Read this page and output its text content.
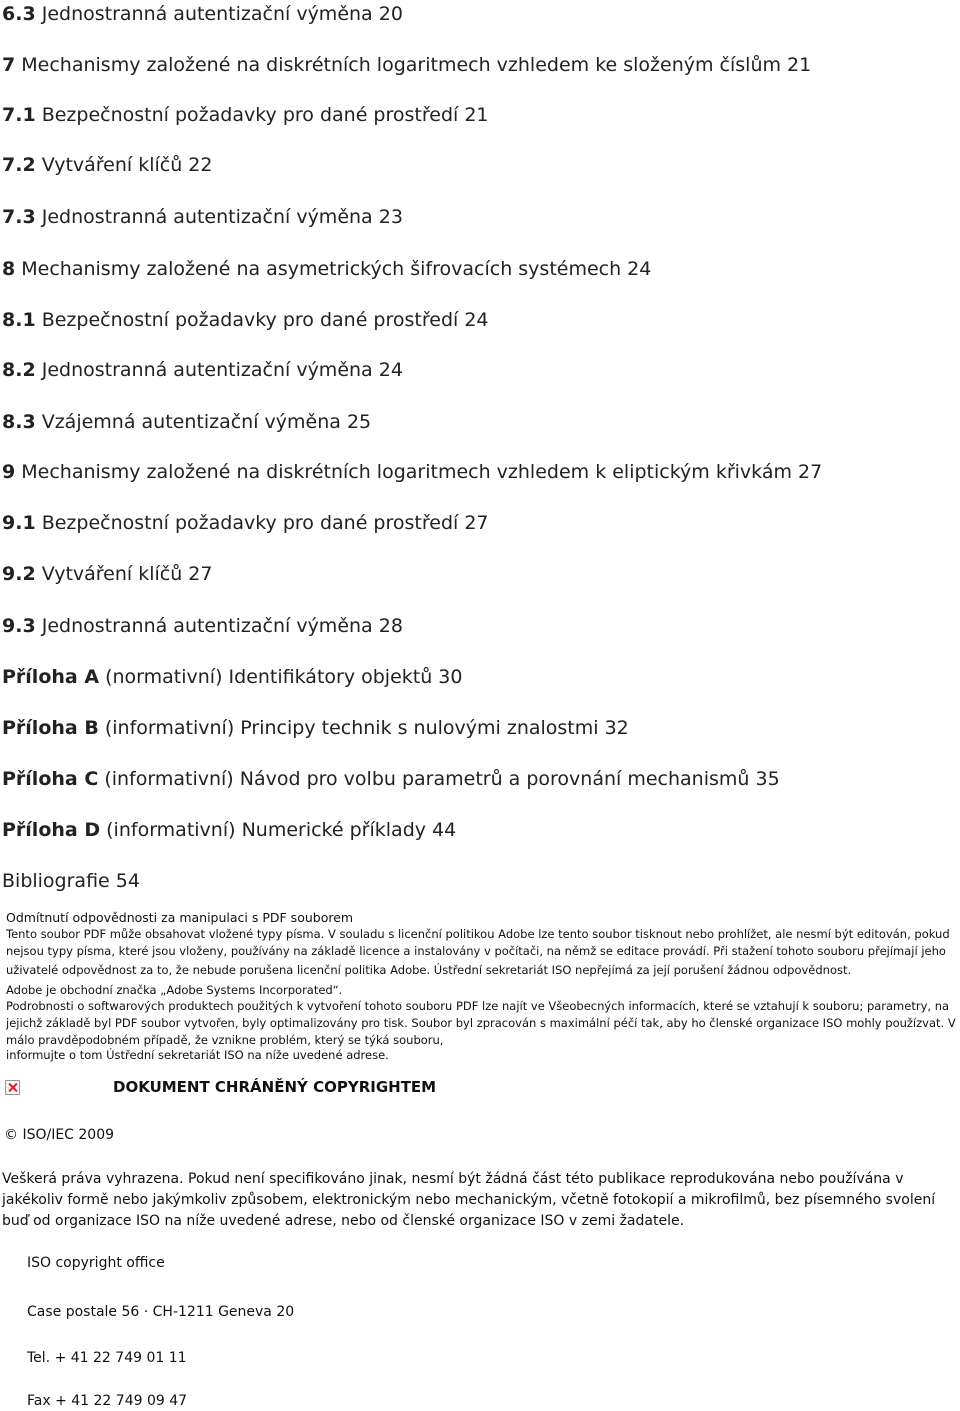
6.3 Jednostranná autentizační výměna 20
7 Mechanismy založené na diskrétních logaritmech vzhledem ke složeným číslům 21
7.1 Bezpečnostní požadavky pro dané prostředí 21
7.2 Vytváření klíčů 22
7.3 Jednostranná autentizační výměna 23
8 Mechanismy založené na asymetrických šifrovacích systémech 24
8.1 Bezpečnostní požadavky pro dané prostředí 24
8.2 Jednostranná autentizační výměna 24
8.3 Vzájemná autentizační výměna 25
9 Mechanismy založené na diskrétních logaritmech vzhledem k eliptickým křivkám 27
9.1 Bezpečnostní požadavky pro dané prostředí 27
9.2 Vytváření klíčů 27
9.3 Jednostranná autentizační výměna 28
Příloha A (normativní) Identifikátory objektů 30
Příloha B (informativní) Principy technik s nulovými znalostmi 32
Příloha C (informativní) Návod pro volbu parametrů a porovnání mechanismů 35
Příloha D (informativní) Numerické příklady 44
Bibliografie 54
Odmítnutí odpovědnosti za manipulaci s PDF souborem
Tento soubor PDF může obsahovat vložené typy písma. V souladu s licenční politikou Adobe lze tento soubor tisknout nebo prohlížet, ale nesmí být editován, pokud nejsou typy písma, které jsou vloženy, používány na základě licence a instalovány v počítači, na němž se editace provádí. Při stažení tohoto souboru přejímají jeho
uživatelé odpovědnost za to, že nebude porušena licenční politika Adobe. Ústřední sekretariát ISO nepřejímá za její porušení žádnou odpovědnost.
Adobe je obchodní značka „Adobe Systems Incorporated“.
Podrobnosti o softwarových produktech použitých k vytvoření tohoto souboru PDF lze najít ve Všeobecných informacích, které se vztahují k souboru; parametry, na jejichž základě byl PDF soubor vytvořen, byly optimalizovány pro tisk. Soubor byl zpracován s maximální péčí tak, aby ho členské organizace ISO mohly použízvat. V málo pravděpodobném případě, že vznikne problém, který se týká souboru,
informujte o tom Ústřední sekretariát ISO na níže uvedené adrese.
DOKUMENT CHRÁNĚNÝ COPYRIGHTEM
© ISO/IEC 2009
Veškerá práva vyhrazena. Pokud není specifikováno jinak, nesmí být žádná část této publikace reprodukována nebo používána v jakékoliv formě nebo jakýmkoliv způsobem, elektronickým nebo mechanickým, včetně fotokopií a mikrofilmů, bez písemného svolení buď od organizace ISO na níže uvedené adrese, nebo od členské organizace ISO v zemi žadatele.
ISO copyright office
Case postale 56 · CH-1211 Geneva 20
Tel. + 41 22 749 01 11
Fax + 41 22 749 09 47
